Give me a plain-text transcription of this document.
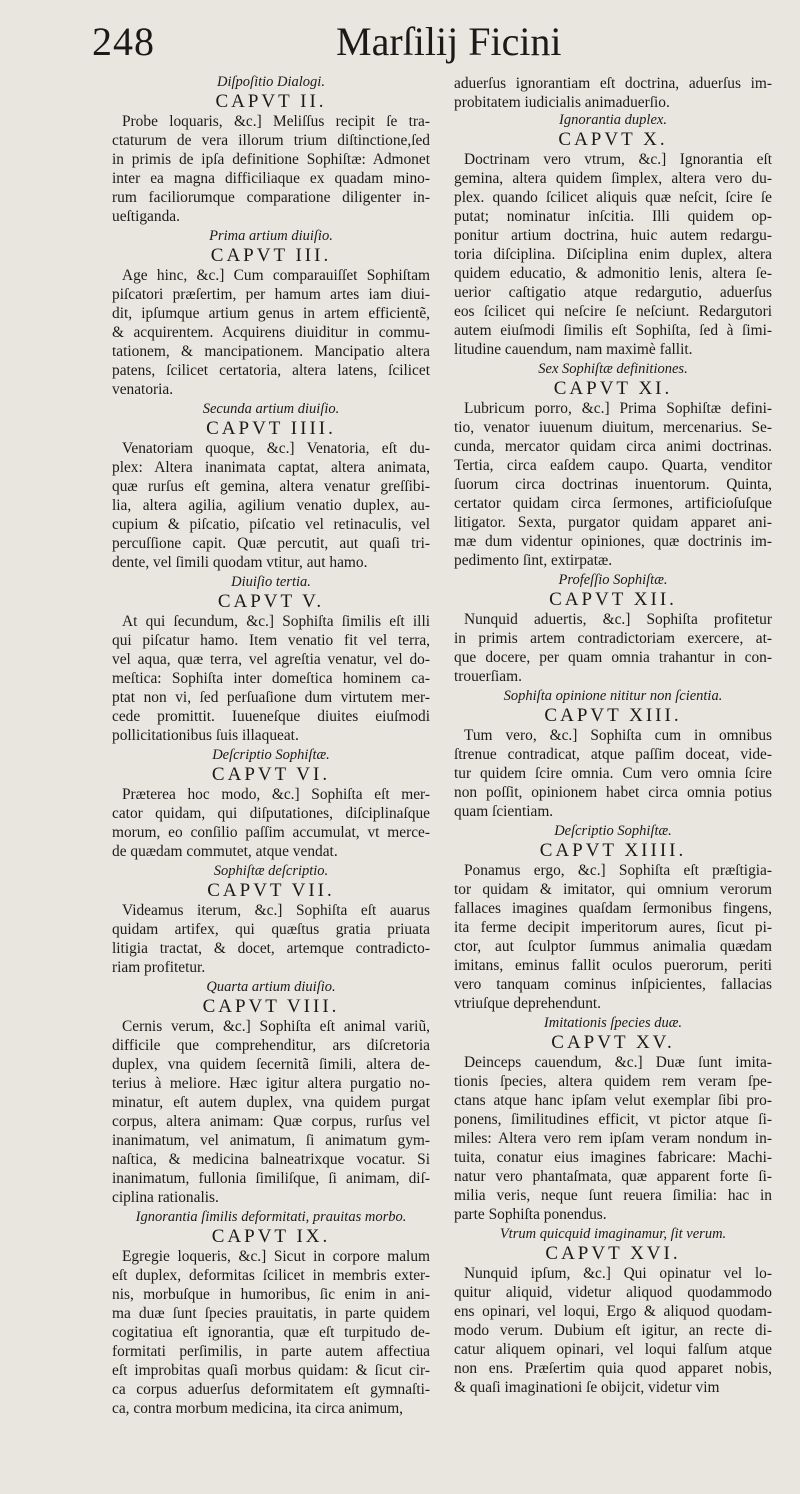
248	Marſilij Ficini
Diſpoſitio Dialogi.
CAPVT II.
Probe loquaris, &c.] Meliſſus recipit ſe tra-
ctaturum de vera illorum trium diſtinctione,ſed
in primis de ipſa definitione Sophiſtæ: Admonet
inter ea magna difficiliaque ex quadam mino-
rum faciliorumque comparatione diligenter in-
ueſtiganda.
Prima artium diuiſio.
CAPVT III.
Age hinc, &c.] Cum comparauiſſet Sophiſtam
piſcatori præſertim, per hamum artes iam diui-
dit, ipſumque artium genus in artem efficientẽ,
& acquirentem. Acquirens diuiditur in commu-
tationem, & mancipationem. Mancipatio altera
patens, ſcilicet certatoria, altera latens, ſcilicet
venatoria.
Secunda artium diuiſio.
CAPVT IIII.
Venatoriam quoque, &c.] Venatoria, eſt du-
plex: Altera inanimata captat, altera animata,
quæ rurſus eſt gemina, altera venatur greſſibi-
lia, altera agilia, agilium venatio duplex, au-
cupium & piſcatio, piſcatio vel retinaculis, vel
percuſſione capit. Quæ percutit, aut quaſi tri-
dente, vel ſimili quodam vtitur, aut hamo.
Diuiſio tertia.
CAPVT V.
At qui ſecundum, &c.] Sophiſta ſimilis eſt illi
qui piſcatur hamo. Item venatio fit vel terra,
vel aqua, quæ terra, vel agreſtia venatur, vel do-
meſtica: Sophiſta inter domeſtica hominem ca-
ptat non vi, ſed perſuaſione dum virtutem mer-
cede promittit. Iuueneſque diuites eiuſmodi
pollicitationibus ſuis illaqueat.
Deſcriptio Sophiſtæ.
CAPVT VI.
Præterea hoc modo, &c.] Sophiſta eſt mer-
cator quidam, qui diſputationes, diſciplinaſque
morum, eo conſilio paſſim accumulat, vt merce-
de quædam commutet, atque vendat.
Sophiſtæ deſcriptio.
CAPVT VII.
Videamus iterum, &c.] Sophiſta eſt auarus
quidam artifex, qui quæſtus gratia priuata
litigia tractat, & docet, artemque contradicto-
riam profitetur.
Quarta artium diuiſio.
CAPVT VIII.
Cernis verum, &c.] Sophiſta eſt animal variũ,
difficile que comprehenditur, ars diſcretoria
duplex, vna quidem ſecernitã ſimili, altera de-
terius à meliore. Hæc igitur altera purgatio no-
minatur, eſt autem duplex, vna quidem purgat
corpus, altera animam: Quæ corpus, rurſus vel
inanimatum, vel animatum, ſi animatum gym-
naſtica, & medicina balneatrixque vocatur. Si
inanimatum, fullonia ſimiliſque, ſi animam, diſ-
ciplina rationalis.
Ignorantia ſimilis deformitati, prauitas morbo.
CAPVT IX.
Egregie loqueris, &c.] Sicut in corpore malum
eſt duplex, deformitas ſcilicet in membris exter-
nis, morbuſque in humoribus, ſic enim in ani-
ma duæ ſunt ſpecies prauitatis, in parte quidem
cogitatiua eſt ignorantia, quæ eſt turpitudo de-
formitati perſimilis, in parte autem affectiua
eſt improbitas quaſi morbus quidam: & ſicut cir-
ca corpus aduerſus deformitatem eſt gymnaſti-
ca, contra morbum medicina, ita circa animum,
aduerſus ignorantiam eſt doctrina, aduerſus im-
probitatem iudicialis animaduerſio.
Ignorantia duplex.
CAPVT X.
Doctrinam vero vtrum, &c.] Ignorantia eſt
gemina, altera quidem ſimplex, altera vero du-
plex. quando ſcilicet aliquis quæ neſcit, ſcire ſe
putat; nominatur inſcitia. Illi quidem op-
ponitur artium doctrina, huic autem redargu-
toria diſciplina. Diſciplina enim duplex, altera
quidem educatio, & admonitio lenis, altera ſe-
uerior caſtigatio atque redargutio, aduerſus
eos ſcilicet qui neſcire ſe neſciunt. Redargutori
autem eiuſmodi ſimilis eſt Sophiſta, ſed à ſimi-
litudine cauendum, nam maximè fallit.
Sex Sophiſtæ definitiones.
CAPVT XI.
Lubricum porro, &c.] Prima Sophiſtæ defini-
tio, venator iuuenum diuitum, mercenarius. Se-
cunda, mercator quidam circa animi doctrinas.
Tertia, circa eaſdem caupo. Quarta, venditor
ſuorum circa doctrinas inuentorum. Quinta,
certator quidam circa ſermones, artificioſuſque
litigator. Sexta, purgator quidam apparet ani-
mæ dum videntur opiniones, quæ doctrinis im-
pedimento ſint, extirpatæ.
Profeſſio Sophiſtæ.
CAPVT XII.
Nunquid aduertis, &c.] Sophiſta profitetur
in primis artem contradictoriam exercere, at-
que docere, per quam omnia trahantur in con-
trouerſiam.
Sophiſta opinione nititur non ſcientia.
CAPVT XIII.
Tum vero, &c.] Sophiſta cum in omnibus
ſtrenue contradicat, atque paſſim doceat, vide-
tur quidem ſcire omnia. Cum vero omnia ſcire
non poſſit, opinionem habet circa omnia potius
quam ſcientiam.
Deſcriptio Sophiſtæ.
CAPVT XIIII.
Ponamus ergo, &c.] Sophiſta eſt præſtigia-
tor quidam & imitator, qui omnium verorum
fallaces imagines quaſdam ſermonibus fingens,
ita ferme decipit imperitorum aures, ſicut pi-
ctor, aut ſculptor ſummus animalia quædam
imitans, eminus fallit oculos puerorum, periti
vero tanquam cominus inſpicientes, fallacias
vtriuſque deprehendunt.
Imitationis ſpecies duæ.
CAPVT XV.
Deinceps cauendum, &c.] Duæ ſunt imita-
tionis ſpecies, altera quidem rem veram ſpe-
ctans atque hanc ipſam velut exemplar ſibi pro-
ponens, ſimilitudines efficit, vt pictor atque ſi-
miles: Altera vero rem ipſam veram nondum in-
tuita, conatur eius imagines fabricare: Machi-
natur vero phantaſmata, quæ apparent forte ſi-
milia veris, neque ſunt reuera ſimilia: hac in
parte Sophiſta ponendus.
Vtrum quicquid imaginamur, ſit verum.
CAPVT XVI.
Nunquid ipſum, &c.] Qui opinatur vel lo-
quitur aliquid, videtur aliquod quodammodo
ens opinari, vel loqui, Ergo & aliquod quodam-
modo verum. Dubium eſt igitur, an recte di-
catur aliquem opinari, vel loqui falſum atque
non ens. Præſertim quia quod apparet nobis,
& quaſi imaginationi ſe obijcit, videtur vim
